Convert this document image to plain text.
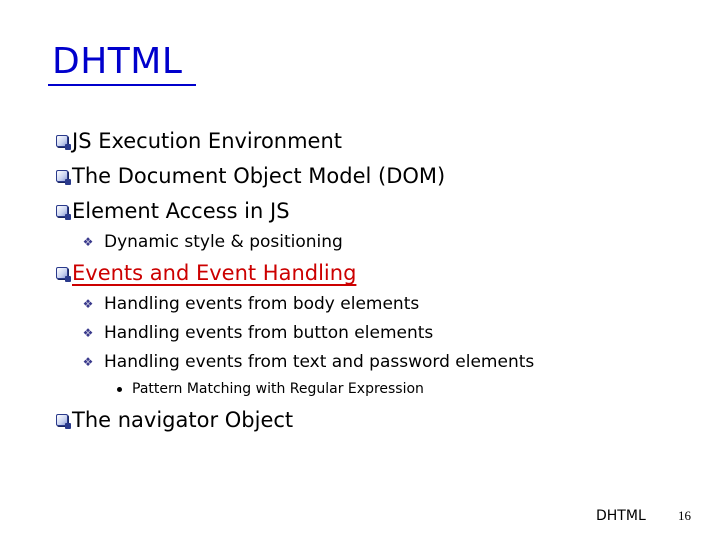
DHTML
JS Execution Environment
The Document Object Model (DOM)
Element Access in JS
❖ Dynamic style & positioning
Events and Event Handling
❖ Handling events from body elements
❖ Handling events from button elements
❖ Handling events from text and password elements
Pattern Matching with Regular Expression
The navigator Object
DHTML 16
